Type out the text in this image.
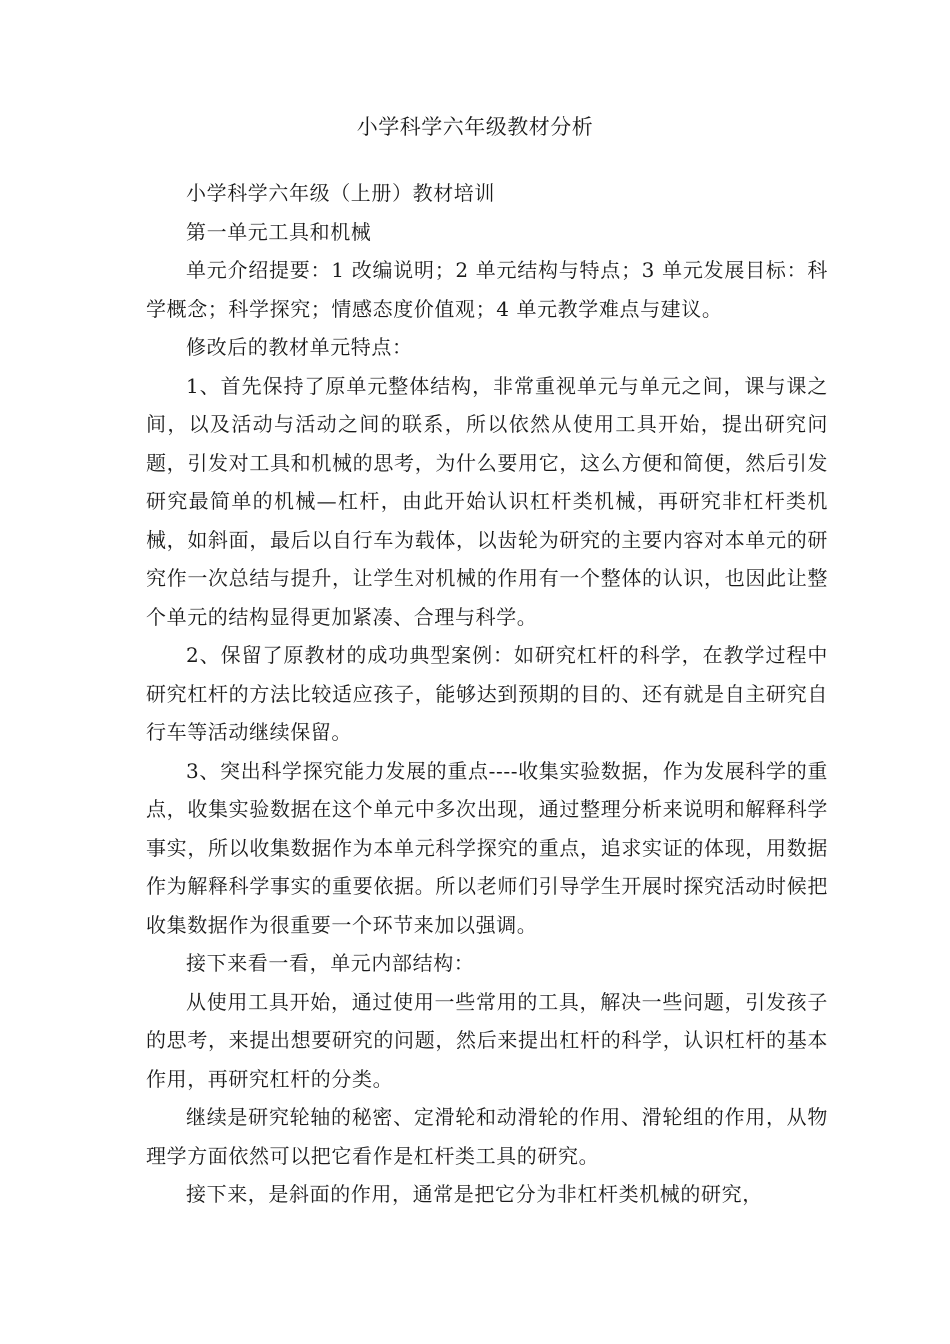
小学科学六年级教材分析

小学科学六年级（上册）教材培训

第一单元工具和机械

单元介绍提要：1 改编说明；2 单元结构与特点；3 单元发展目标：科学概念；科学探究；情感态度价值观；4 单元教学难点与建议。

修改后的教材单元特点：

1、首先保持了原单元整体结构，非常重视单元与单元之间，课与课之间，以及活动与活动之间的联系，所以依然从使用工具开始，提出研究问题，引发对工具和机械的思考，为什么要用它，这么方便和简便，然后引发研究最简单的机械—杠杆，由此开始认识杠杆类机械，再研究非杠杆类机械，如斜面，最后以自行车为载体，以齿轮为研究的主要内容对本单元的研究作一次总结与提升，让学生对机械的作用有一个整体的认识，也因此让整个单元的结构显得更加紧凑、合理与科学。

2、保留了原教材的成功典型案例：如研究杠杆的科学，在教学过程中研究杠杆的方法比较适应孩子，能够达到预期的目的、还有就是自主研究自行车等活动继续保留。

3、突出科学探究能力发展的重点----收集实验数据，作为发展科学的重点，收集实验数据在这个单元中多次出现，通过整理分析来说明和解释科学事实，所以收集数据作为本单元科学探究的重点，追求实证的体现，用数据作为解释科学事实的重要依据。所以老师们引导学生开展时探究活动时候把收集数据作为很重要一个环节来加以强调。

接下来看一看，单元内部结构：

从使用工具开始，通过使用一些常用的工具，解决一些问题，引发孩子的思考，来提出想要研究的问题，然后来提出杠杆的科学，认识杠杆的基本作用，再研究杠杆的分类。

继续是研究轮轴的秘密、定滑轮和动滑轮的作用、滑轮组的作用，从物理学方面依然可以把它看作是杠杆类工具的研究。

接下来，是斜面的作用，通常是把它分为非杠杆类机械的研究，
